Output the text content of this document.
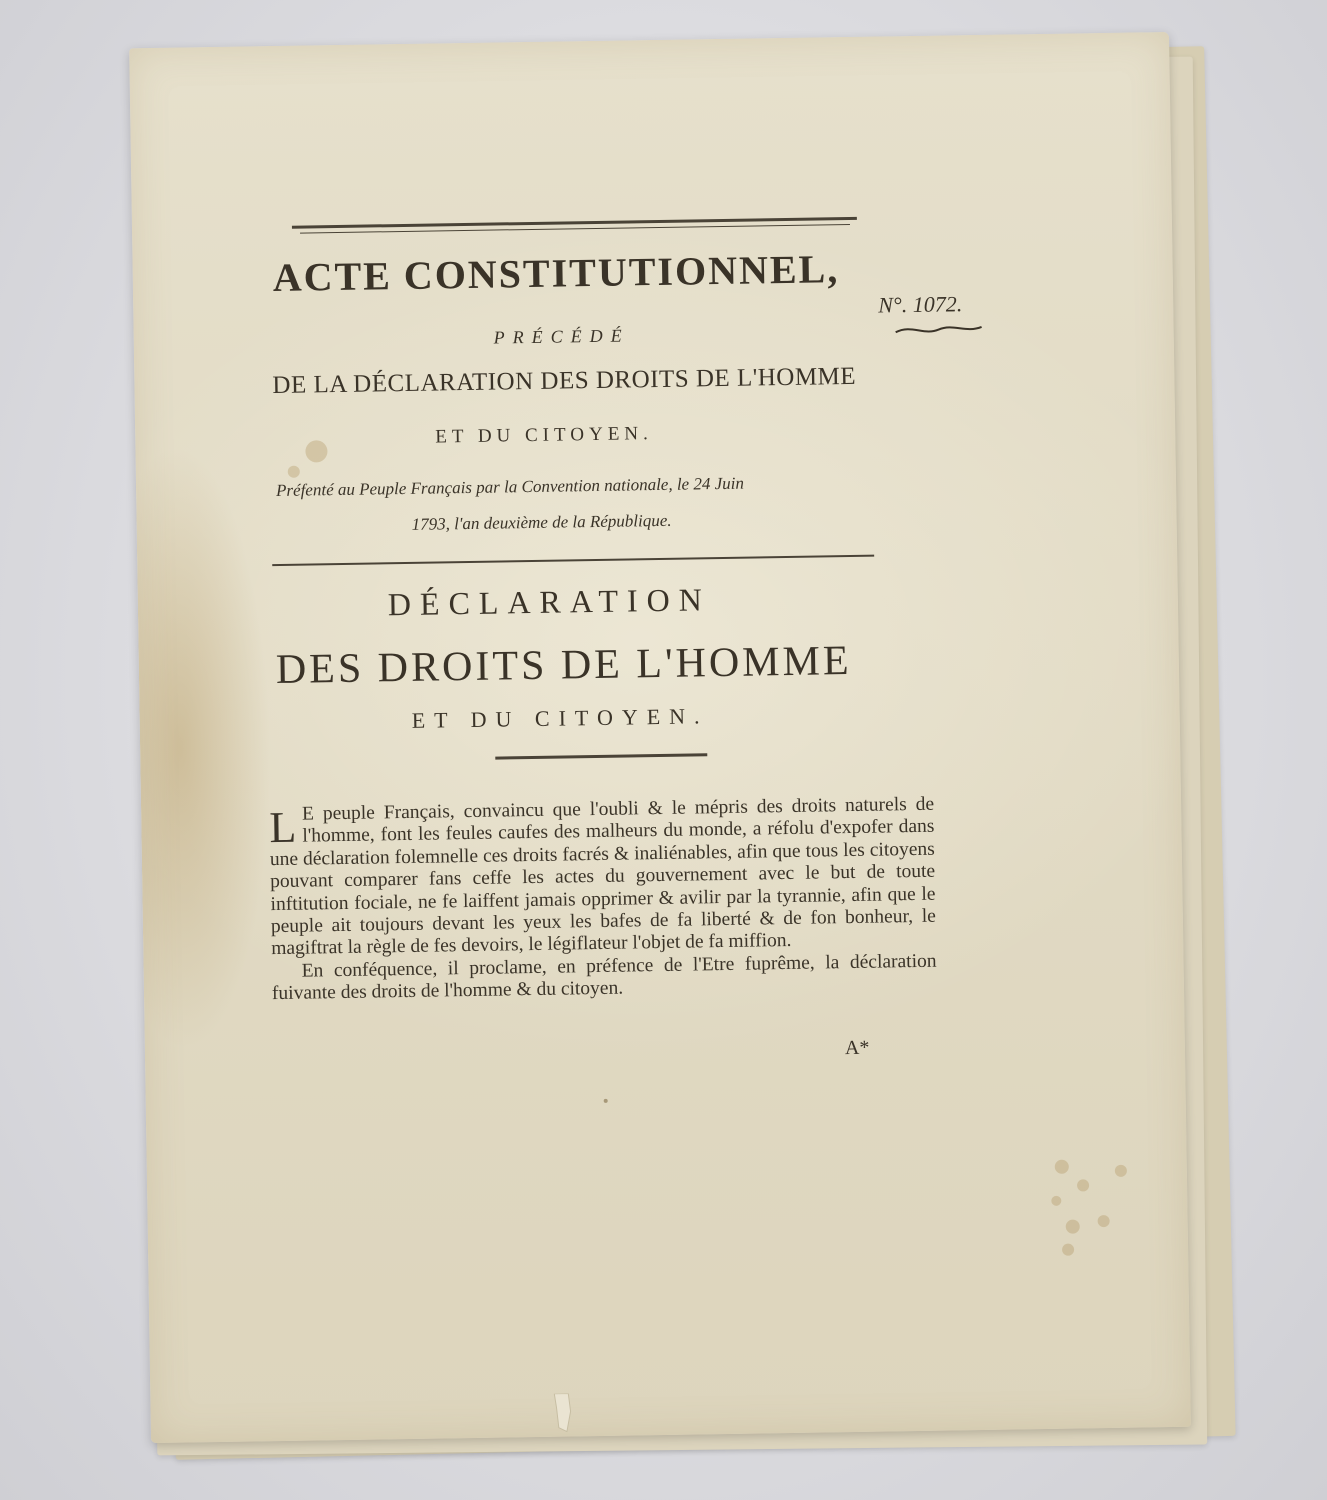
ACTE CONSTITUTIONNEL,

N°. 1072.

PRÉCÉDÉ

DE LA DÉCLARATION DES DROITS DE L'HOMME

ET DU CITOYEN.

Préfenté au Peuple Français par la Convention nationale, le 24 Juin

1793, l'an deuxième de la République.

DÉCLARATION

DES DROITS DE L'HOMME

ET DU CITOYEN.

L E peuple Français, convaincu que l'oubli & le mépris des droits naturels de l'homme, font les feules caufes des malheurs du monde, a réfolu d'expofer dans une déclaration folemnelle ces droits facrés & inaliénables, afin que tous les citoyens pouvant comparer fans ceffe les actes du gouvernement avec le but de toute inftitution fociale, ne fe laiffent jamais opprimer & avilir par la tyrannie, afin que le peuple ait toujours devant les yeux les bafes de fa liberté & de fon bonheur, le magiftrat la règle de fes devoirs, le légiflateur l'objet de fa miffion.

En conféquence, il proclame, en préfence de l'Etre fuprême, la déclaration fuivante des droits de l'homme & du citoyen.

A*
